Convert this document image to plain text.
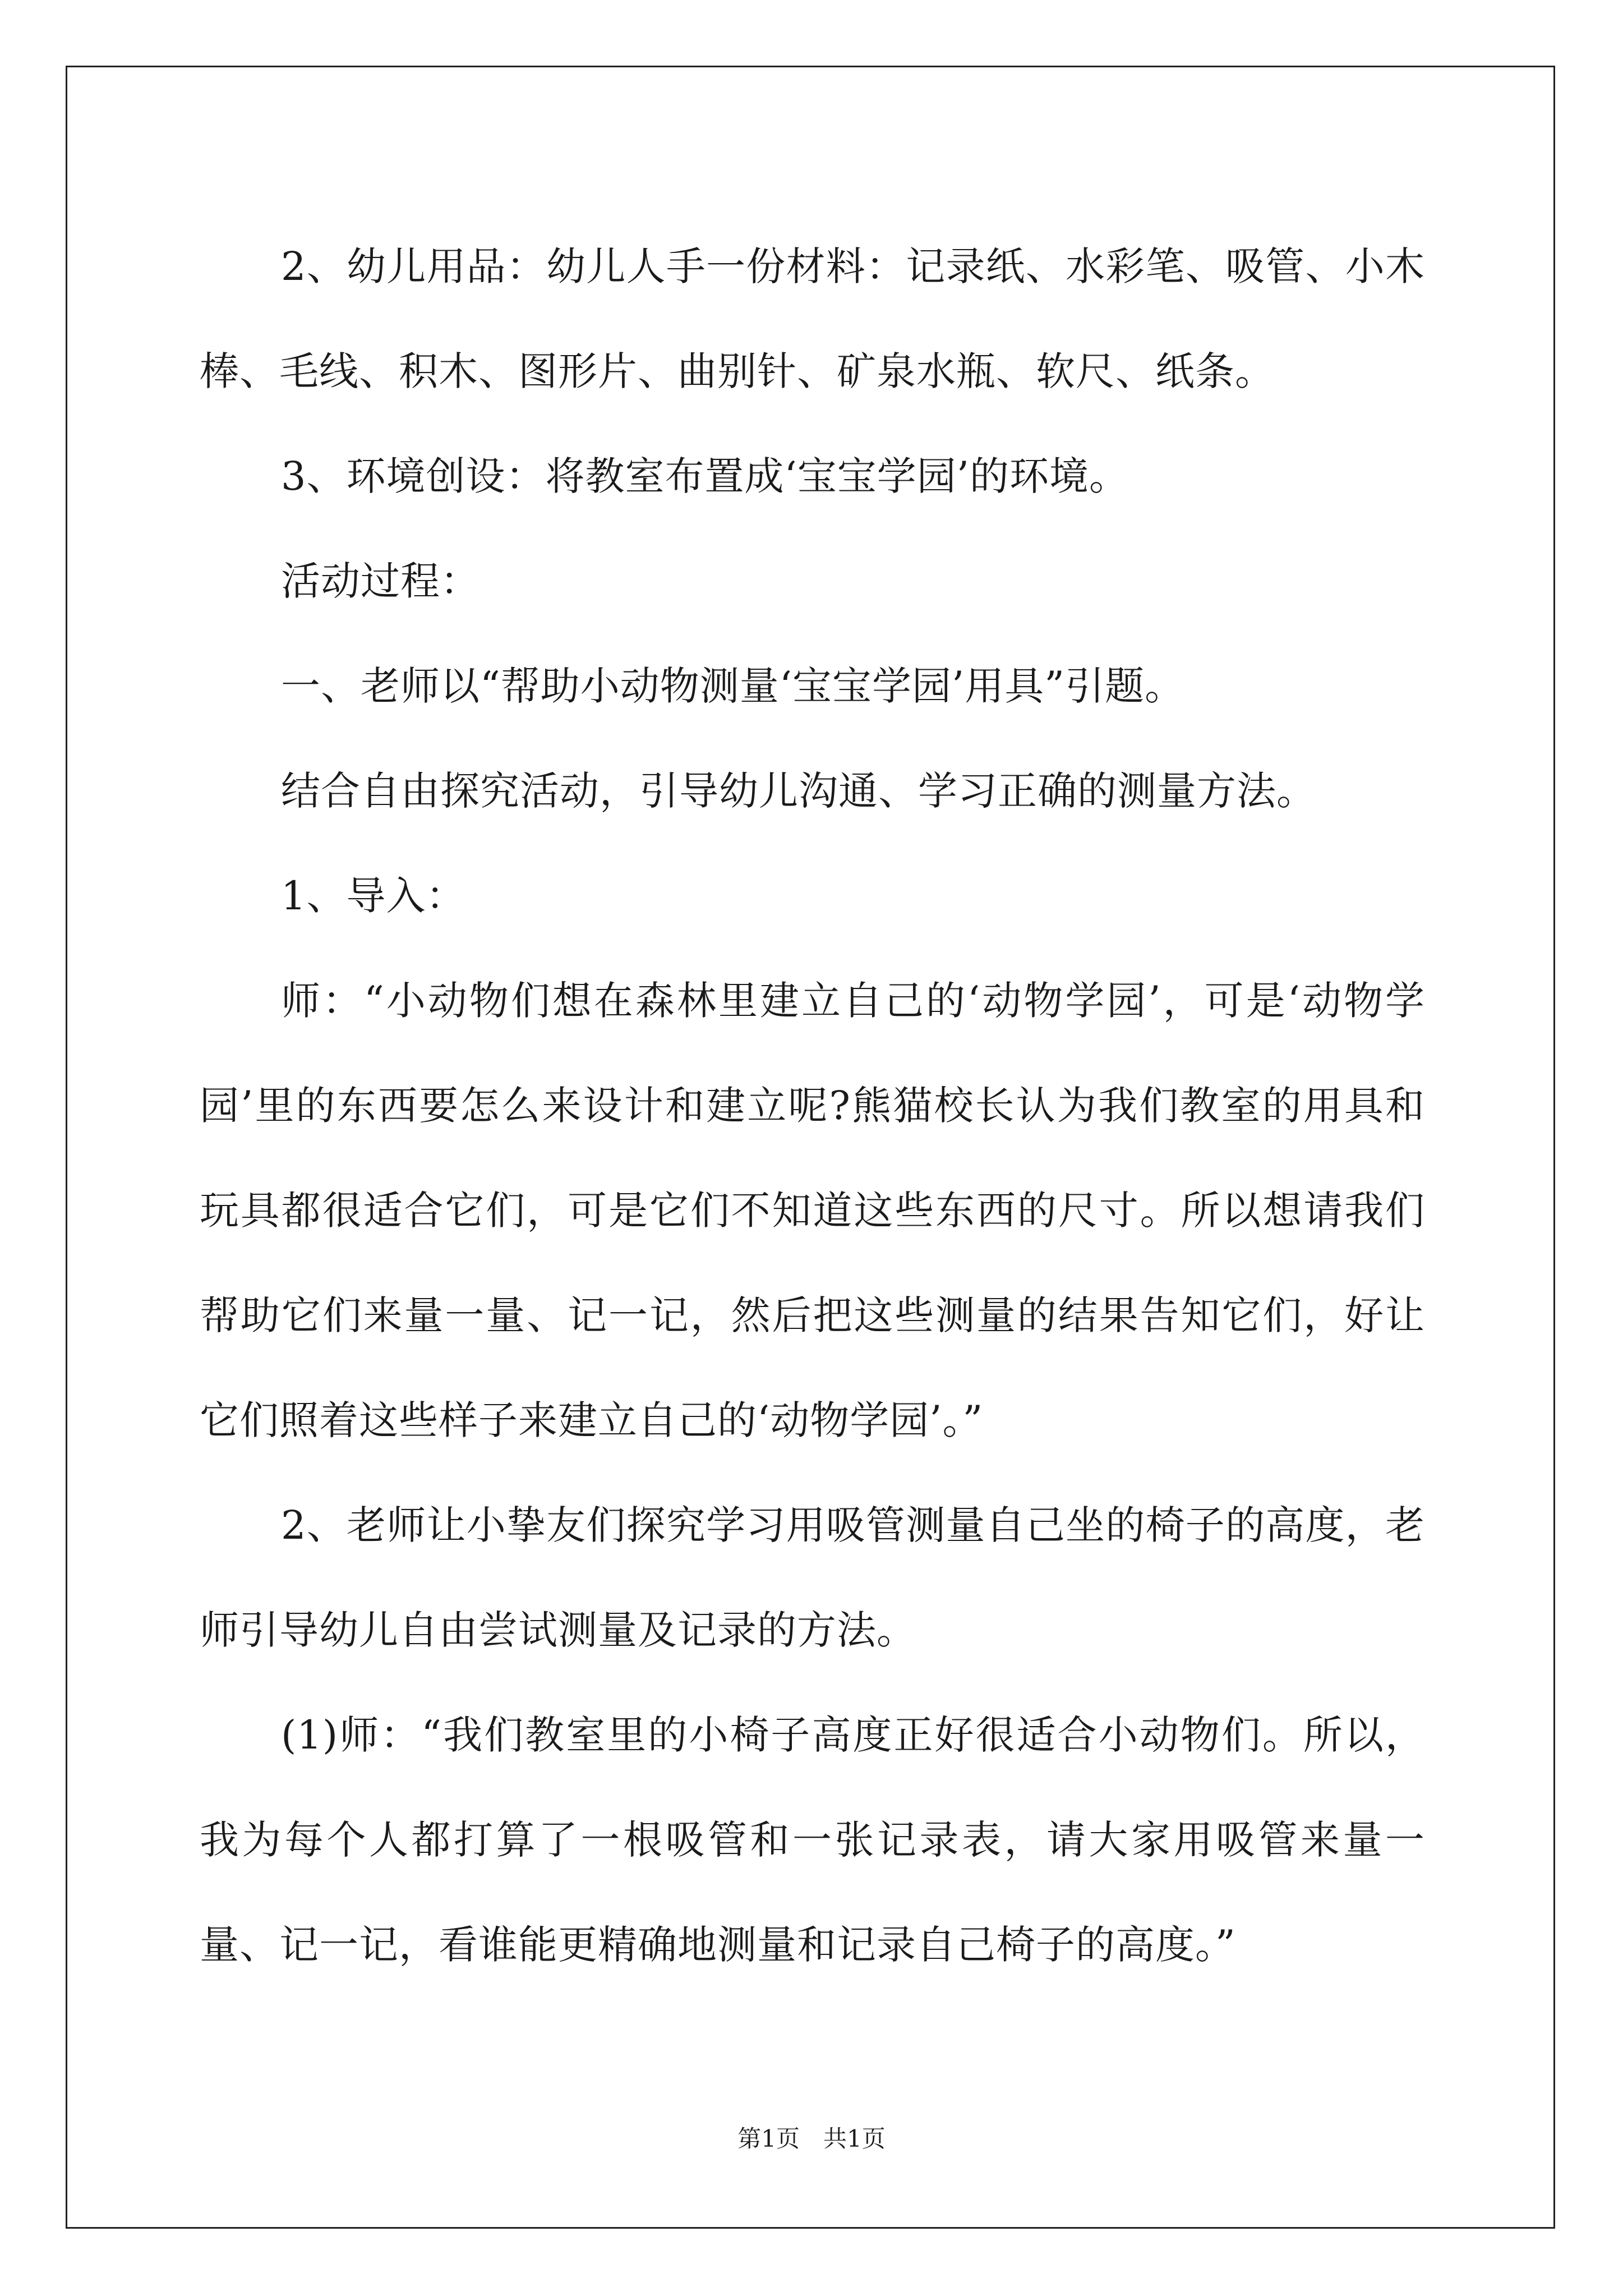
2、幼儿用品：幼儿人手一份材料：记录纸、水彩笔、吸管、小木棒、毛线、积木、图形片、曲别针、矿泉水瓶、软尺、纸条。

3、环境创设：将教室布置成‘宝宝学园’的环境。

活动过程：

一、老师以“帮助小动物测量‘宝宝学园’用具”引题。

结合自由探究活动，引导幼儿沟通、学习正确的测量方法。

1、导入：

师：“小动物们想在森林里建立自己的‘动物学园’，可是‘动物学园’里的东西要怎么来设计和建立呢?熊猫校长认为我们教室的用具和玩具都很适合它们，可是它们不知道这些东西的尺寸。所以想请我们帮助它们来量一量、记一记，然后把这些测量的结果告知它们，好让它们照着这些样子来建立自己的‘动物学园’。”

2、老师让小挚友们探究学习用吸管测量自己坐的椅子的高度，老师引导幼儿自由尝试测量及记录的方法。

(1)师：“我们教室里的小椅子高度正好很适合小动物们。所以，我为每个人都打算了一根吸管和一张记录表，请大家用吸管来量一量、记一记，看谁能更精确地测量和记录自己椅子的高度。”

第1页　共1页
